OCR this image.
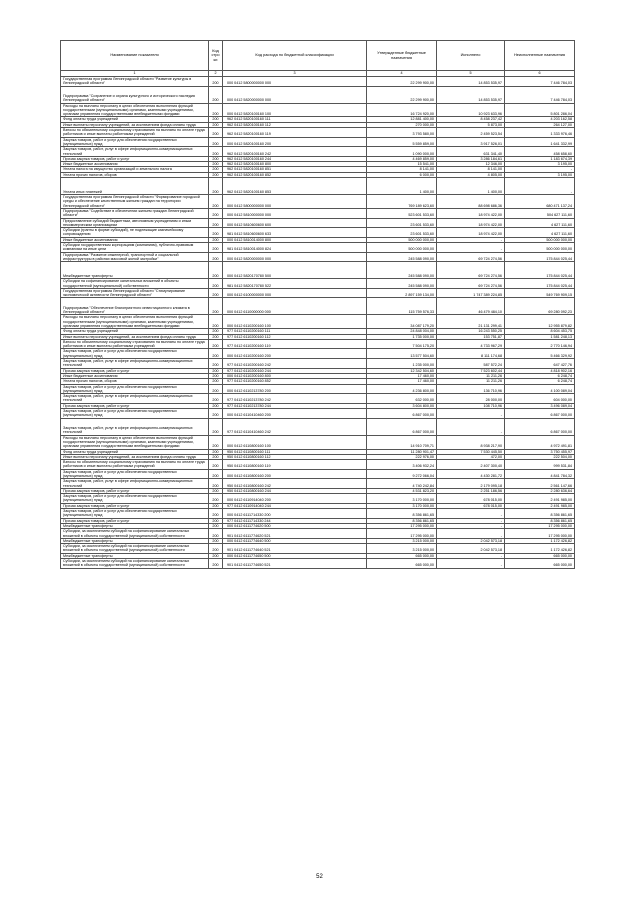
Наименование показателя	Код стро ки	Код расхода по бюджетной классификации	Утвержденные бюджетные назначения	Исполнено	Неисполненные назначения
1	2	3	4	5	6
Государственная программа Ленинградской области "Развитие культуры в Ленинградской области"	200	000 0412 5800000000 000	22 299 900,00	14 853 535,97	7 446 784,03
Подпрограмма "Сохранение и охрана культурного и исторического наследия Ленинградской области"	200	000 0412 5820000000 000	22 299 900,00	14 853 535,97	7 446 784,03
Расходы на выплаты персоналу в целях обеспечения выполнения функций государственными (муниципальными) органами, казенными учреждениями, органами управления государственными внебюджетными фондами	200	000 0412 5820100160 100	16 724 920,00	10 923 633,96	5 801 286,04
Фонд оплаты труда учреждений	200	962 0412 5820100160 111	12 881 400,00	8 458 237,42	4 203 162,58
Иные выплаты персоналу учреждений, за исключением фонда оплаты труда	200	962 0412 5820100160 112	270 000,00	5 873,00	264 127,00
Взносы по обязательному социальному страхованию на выплаты по оплате труда работников и иные выплаты работникам учреждений	200	962 0412 5820100160 119	3 793 580,00	2 459 523,54	1 333 976,46
Закупка товаров, работ и услуг для обеспечения государственных (муниципальных) нужд	200	000 0412 5820100160 200	5 559 859,00	3 917 526,01	1 641 332,99
Закупка товаров, работ, услуг в сфере информационно-коммуникационных технологий	200	962 0412 5820100160 242	1 090 000,00	631 341,40	458 658,60
Прочая закупка товаров, работ и услуг	200	962 0412 5820100160 244	4 469 859,00	3 286 184,61	1 183 674,39
Иные бюджетные ассигнования	200	962 0412 5820100160 800	15 541,00	12 346,00	3 195,00
Уплата налога на имущество организаций и земельного налога	200	962 0412 5820100160 851	8 141,00	8 141,00	-
Уплата прочих налогов, сборов	200	962 0412 5820100160 852	6 000,00	4 805,00	3 195,00
Уплата иных платежей	200	962 0412 5820100160 853	1 400,00	1 400,00	-
Государственная программа Ленинградской области "Формирование городской среды и обеспечение качественным жильем граждан на территории Ленинградской области"	200	000 0412 5800000000 000	769 189 623,60	88 698 686,36	680 471 137,24
Подпрограмма "Содействие в обеспечении жильем граждан Ленинградской области"	200	000 0412 5810000000 000	523 601 533,60	18 974 422,00	504 627 111,60
Предоставление субсидий бюджетным, автономным учреждениям и иным некоммерческим организациям	200	000 0412 5810600600 600	23 601 533,60	18 974 422,00	4 627 111,60
Субсидии (гранты в форме субсидий), не подлежащие казначейскому сопровождению	200	981 0412 5810600600 633	23 601 533,60	18 974 422,00	4 627 111,60
Иные бюджетные ассигнования	200	000 0412 5810014000 800	500 000 000,00	-	500 000 000,00
Субсидии государственным корпорациям (компаниям), публично-правовым компаниям на иные цели	200	981 0412 5810014000 824	500 000 000,00	-	500 000 000,00
Подпрограмма "Развитие инженерной, транспортной и социальной инфраструктуры в районах массовой жилой застройки"	200	000 0412 5820000000 000	245 588 090,00	69 724 274,56	175 844 025,44
Межбюджетные трансферты	200	000 0412 5820170780 500	245 588 090,00	69 724 274,56	175 844 025,44
Субсидии на софинансирование капитальных вложений в объекты государственной (муниципальной) собственности	200	981 0412 5820170780 522	245 588 090,00	69 724 274,56	175 844 025,44
Государственная программа Ленинградской области "Стимулирование экономической активности Ленинградской области"	200	000 0412 6100000000 000	2 897 159 134,00	1 747 389 224,85	549 769 909,15
Подпрограмма "Обеспечение благоприятного инвестиционного климата в Ленинградской области"	200	000 0412 6110000000 000	115 759 576,33	46 479 484,10	69 280 092,23
Расходы на выплаты персоналу в целях обеспечения выполнения функций государственными (муниципальными) органами, казенными учреждениями, органами управления государственными внебюджетными фондами	200	000 0412 6110200160 100	34 087 179,20	21 131 299,41	12 955 879,82
Фонд оплаты труда учреждений	200	977 0412 6110200160 111	24 848 004,00	16 243 550,25	8 604 453,75
Иные выплаты персоналу учреждений, за исключением фонда оплаты труда	200	977 0412 6110200160 112	1 735 000,00	153 751,87	1 581 248,13
Взносы по обязательному социальному страхованию на выплаты по оплате труда работников и иные выплаты работникам учреждений	200	977 0412 6110200160 119	7 504 175,20	4 733 967,29	2 770 146,94
Закупка товаров, работ и услуг для обеспечения государственных (муниципальных) нужд	200	000 0412 6110200160 200	13 577 504,60	8 111 174,68	5 466 329,92
Закупка товаров, работ, услуг в сфере информационно-коммуникационных технологий	200	977 0412 6110200160 242	1 235 000,00	587 572,24	647 427,76
Прочая закупка товаров, работ и услуг	200	977 0412 6110200160 244	12 342 504,60	7 523 602,44	4 818 902,16
Иные бюджетные ассигнования	200	000 0412 6110200160 800	17 460,00	11 211,26	6 248,74
Уплата прочих налогов, сборов	200	977 0412 6110200160 852	17 460,00	11 211,26	6 248,74
Закупка товаров, работ и услуг для обеспечения государственных (муниципальных) нужд	200	000 0412 6110213780 200	4 236 800,00	136 710,96	4 100 089,04
Закупка товаров, работ, услуг в сфере информационно-коммуникационных технологий	200	977 0412 6110213780 242	632 000,00	28 000,00	604 000,00
Прочая закупка товаров, работ и услуг	200	977 0412 6110213780 244	3 604 800,00	108 710,96	3 496 089,04
Закупка товаров, работ и услуг для обеспечения государственных (муниципальных) нужд	200	000 0412 6110410460 200	6 867 000,00	-	6 867 000,00
Закупка товаров, работ, услуг в сфере информационно-коммуникационных технологий	200	977 0412 6110410460 242	6 867 000,00	-	6 867 000,00
Расходы на выплаты персоналу в целях обеспечения выполнения функций государственными (муниципальными) органами, казенными учреждениями, органами управления государственными внебюджетными фондами	200	000 0412 6110800160 100	14 910 709,71	8 938 217,90	4 972 491,81
Фонд оплаты труда учреждений	200	950 0412 6110800160 111	11 280 901,47	7 530 445,50	3 750 455,97
Иные выплаты персоналу учреждений, за исключением фонда оплаты труда	200	950 0412 6110800160 112	222 976,00	472,00	222 504,00
Взносы по обязательному социальному страхованию на выплаты по оплате труда работников и иные выплаты работникам учреждений	200	950 0412 6110800160 119	3 406 932,24	2 407 300,40	999 531,84
Закупка товаров, работ и услуг для обеспечения государственных (муниципальных) нужд	200	000 0412 6110800160 200	9 272 066,04	4 430 281,72	4 841 784,32
Закупка товаров, работ, услуг в сфере информационно-коммуникационных технологий	200	950 0412 6110800160 242	4 740 242,84	2 179 095,18	2 561 147,66
Прочая закупка товаров, работ и услуг	200	950 0412 6110800160 244	4 531 823,20	2 251 186,56	2 280 636,64
Закупка товаров, работ и услуг для обеспечения государственных (муниципальных) нужд	200	000 0412 6110914040 200	3 170 000,00	678 015,00	2 491 985,00
Прочая закупка товаров, работ и услуг	200	977 0412 6110914040 244	3 170 000,00	678 015,00	2 491 985,00
Закупка товаров, работ и услуг для обеспечения государственных (муниципальных) нужд	200	000 0412 6111714330 200	8 356 861,65	-	8 356 861,65
Прочая закупка товаров, работ и услуг	200	977 0412 6111714330 244	8 356 861,65	-	8 356 861,65
Межбюджетные трансферты	200	000 0412 6111774620 500	17 295 000,00	-	17 295 000,00
Субсидии, за исключением субсидий на софинансирование капитальных вложений в объекты государственной (муниципальной) собственности	200	901 0412 6111774620 521	17 295 000,00	-	17 295 000,00
Межбюджетные трансферты	200	000 0412 6111774640 500	3 215 000,00	2 042 573,18	1 172 426,82
Субсидии, за исключением субсидий на софинансирование капитальных вложений в объекты государственной (муниципальной) собственности	200	901 0412 6111774640 521	3 215 000,00	2 042 573,18	1 172 426,82
Межбюджетные трансферты	200	000 0412 6111774650 500	665 000,00	-	665 000,00
Субсидии, за исключением субсидий на софинансирование капитальных вложений в объекты государственной (муниципальной) собственности	200	901 0412 6111774650 521	665 000,00	-	665 000,00
52
